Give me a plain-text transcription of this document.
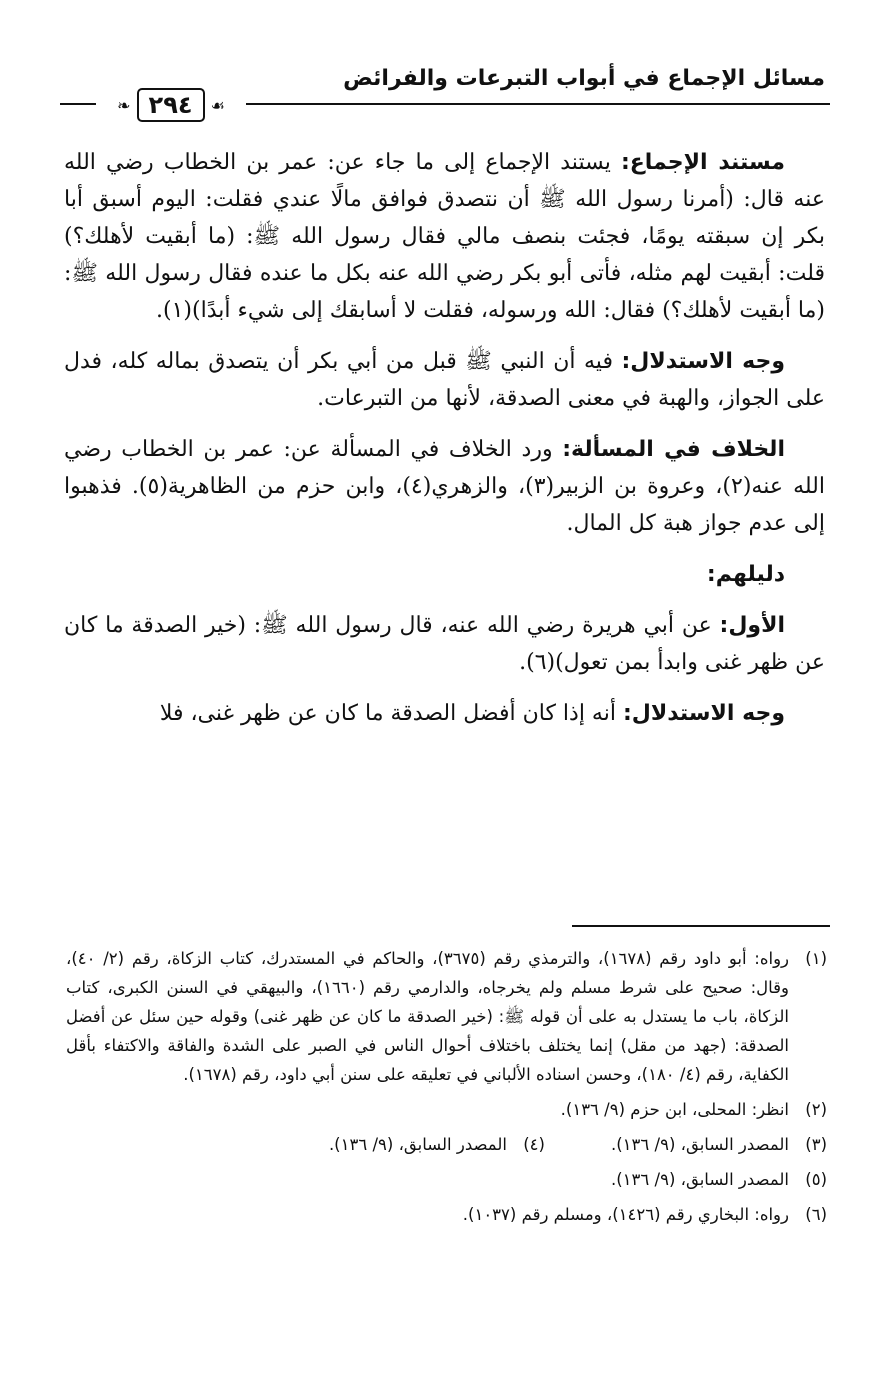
مسائل الإجماع في أبواب التبرعات والفرائض
❧ ٢٩٤	☙

مستند الإجماع: يستند الإجماع إلى ما جاء عن: عمر بن الخطاب رضي الله عنه قال: (أمرنا رسول الله ﷺ أن نتصدق فوافق مالًا عندي فقلت: اليوم أسبق أبا بكر إن سبقته يومًا، فجئت بنصف مالي فقال رسول الله ﷺ: (ما أبقيت لأهلك؟) قلت: أبقيت لهم مثله، فأتى أبو بكر رضي الله عنه بكل ما عنده فقال رسول الله ﷺ: (ما أبقيت لأهلك؟) فقال: الله ورسوله، فقلت لا أسابقك إلى شيء أبدًا)(١).

وجه الاستدلال: فيه أن النبي ﷺ قبل من أبي بكر أن يتصدق بماله كله، فدل على الجواز، والهبة في معنى الصدقة، لأنها من التبرعات.

الخلاف في المسألة: ورد الخلاف في المسألة عن: عمر بن الخطاب رضي الله عنه(٢)، وعروة بن الزبير(٣)، والزهري(٤)، وابن حزم من الظاهرية(٥). فذهبوا إلى عدم جواز هبة كل المال.

دليلهم:

الأول: عن أبي هريرة رضي الله عنه، قال رسول الله ﷺ: (خير الصدقة ما كان عن ظهر غنى وابدأ بمن تعول)(٦).

وجه الاستدلال: أنه إذا كان أفضل الصدقة ما كان عن ظهر غنى، فلا

(١)
رواه: أبو داود رقم (١٦٧٨)، والترمذي رقم (٣٦٧٥)، والحاكم في المستدرك، كتاب الزكاة، رقم (٢/ ٤٠)، وقال: صحيح على شرط مسلم ولم يخرجاه، والدارمي رقم (١٦٦٠)، والبيهقي في السنن الكبرى، كتاب الزكاة، باب ما يستدل به على أن قوله ﷺ: (خير الصدقة ما كان عن ظهر غنى) وقوله حين سئل عن أفضل الصدقة: (جهد من مقل) إنما يختلف باختلاف أحوال الناس في الصبر على الشدة والفاقة والاكتفاء بأقل الكفاية، رقم (٤/ ١٨٠)، وحسن اسناده الألباني في تعليقه على سنن أبي داود، رقم (١٦٧٨).
(٢)
انظر: المحلى، ابن حزم (٩/ ١٣٦).
(٣)
المصدر السابق، (٩/ ١٣٦).
(٤)
المصدر السابق، (٩/ ١٣٦).
(٥)
المصدر السابق، (٩/ ١٣٦).
(٦)
رواه: البخاري رقم (١٤٢٦)، ومسلم رقم (١٠٣٧).
